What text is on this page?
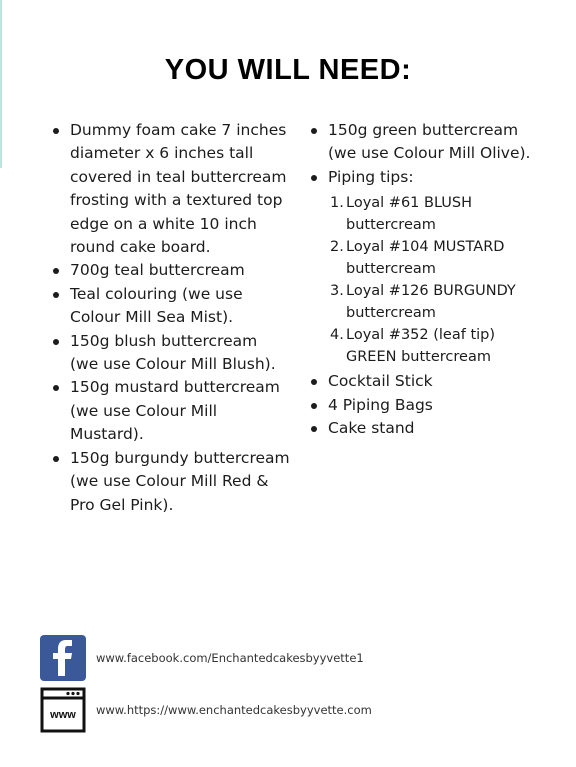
YOU WILL NEED:
Dummy foam cake 7 inches diameter x 6 inches tall covered in teal buttercream frosting with a textured top edge on a white 10 inch round cake board.
700g teal buttercream
Teal colouring (we use Colour Mill Sea Mist).
150g blush buttercream (we use Colour Mill Blush).
150g mustard buttercream (we use Colour Mill Mustard).
150g burgundy buttercream (we use Colour Mill Red & Pro Gel Pink).
150g green buttercream (we use Colour Mill Olive).
Piping tips:
1. Loyal #61 BLUSH buttercream
2. Loyal #104 MUSTARD buttercream
3. Loyal #126 BURGUNDY buttercream
4. Loyal #352 (leaf tip) GREEN buttercream
Cocktail Stick
4 Piping Bags
Cake stand
www.facebook.com/Enchantedcakesbyyvette1
www www.https://www.enchantedcakesbyyvette.com
